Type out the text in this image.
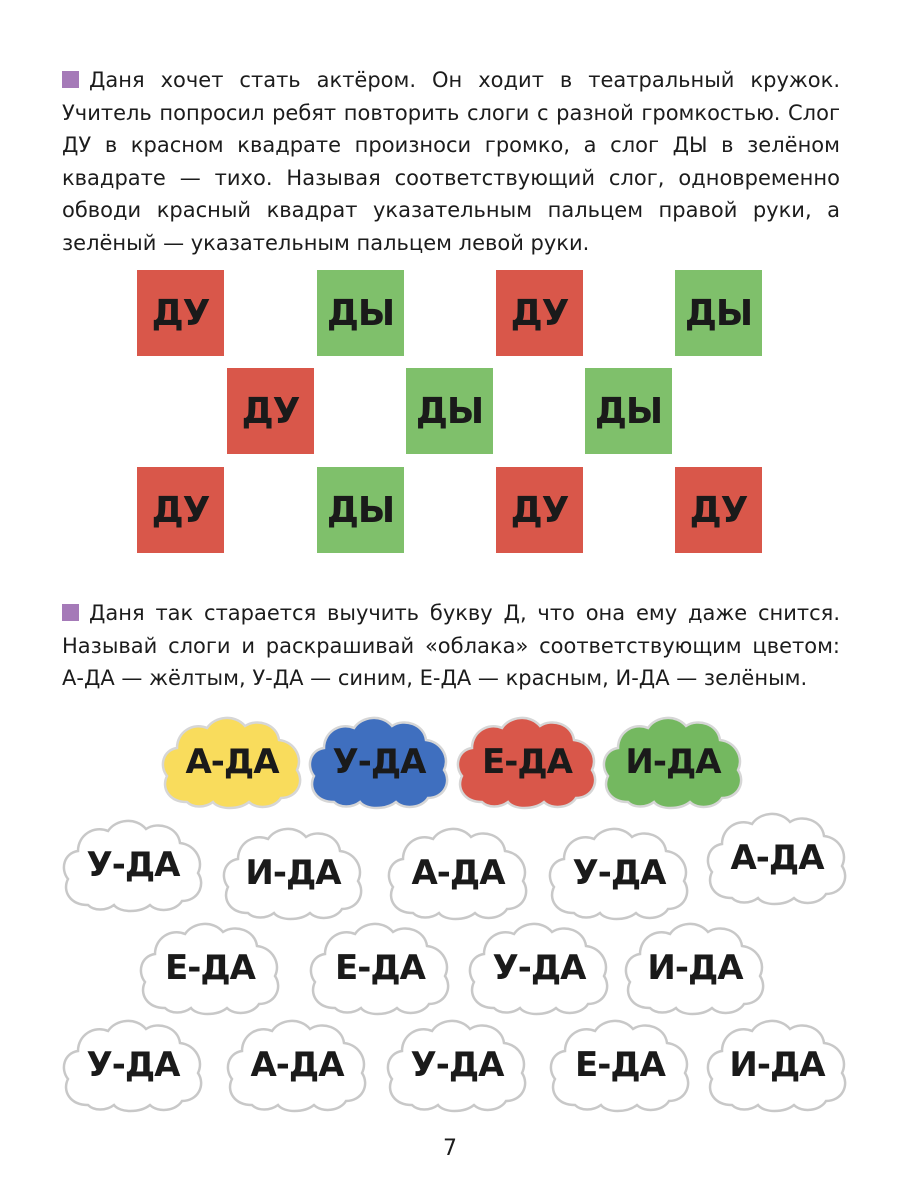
Даня хочет стать актёром. Он ходит в театральный кружок. Учитель попросил ребят повторить слоги с разной громкостью. Слог ДУ в красном квадрате произноси громко, а слог ДЫ в зелёном квадрате — тихо. Называя соответствующий слог, одновременно обводи красный квадрат указательным пальцем правой руки, а зелёный — указательным пальцем левой руки.

ДУ	ДЫ	ДУ	ДЫ
ДУ	ДЫ	ДЫ
ДУ	ДЫ	ДУ	ДУ

Даня так старается выучить букву Д, что она ему даже снится. Называй слоги и раскрашивай «облака» соответствующим цветом: А-ДА — жёлтым, У-ДА — синим, Е-ДА — красным, И-ДА — зелёным.

А-ДА	У-ДА	Е-ДА	И-ДА
У-ДА	И-ДА	А-ДА	У-ДА	А-ДА
Е-ДА	Е-ДА	У-ДА	И-ДА
У-ДА	А-ДА	У-ДА	Е-ДА	И-ДА
7
